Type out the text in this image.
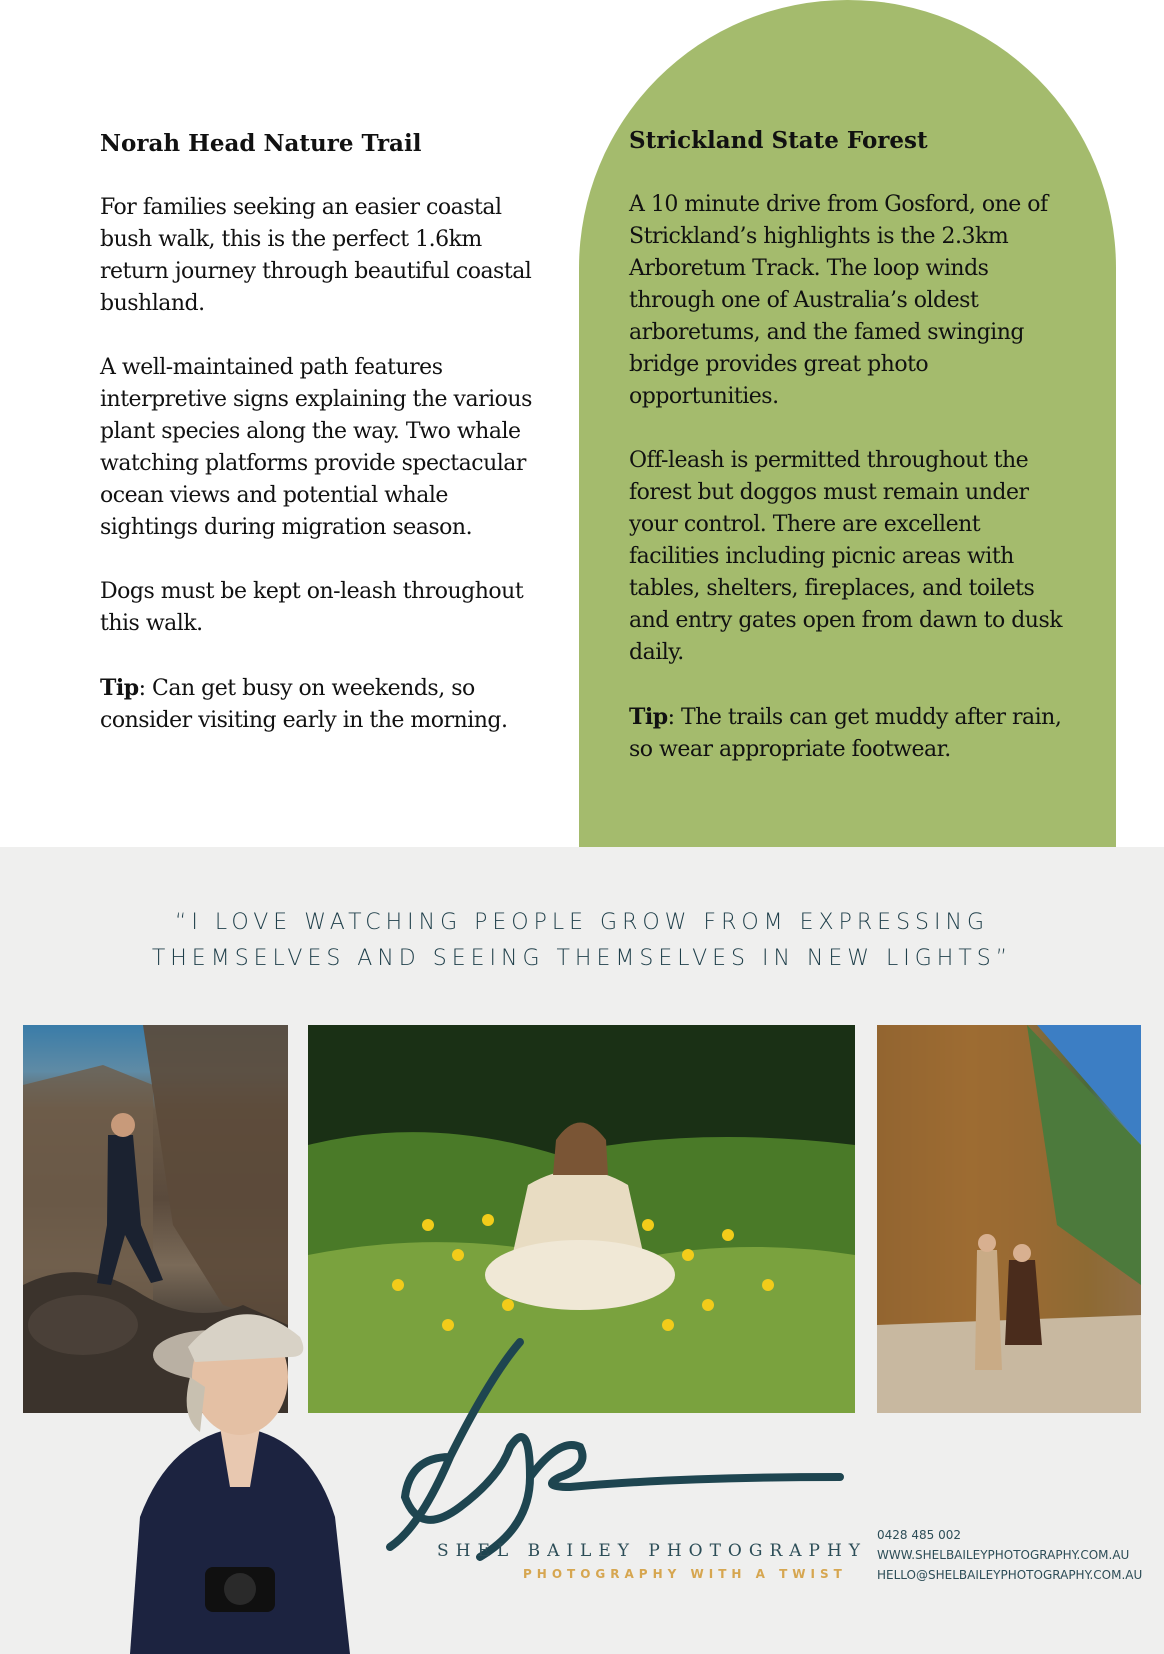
Norah Head Nature Trail

For families seeking an easier coastal bush walk, this is the perfect 1.6km return journey through beautiful coastal bushland.

A well-maintained path features interpretive signs explaining the various plant species along the way. Two whale watching platforms provide spectacular ocean views and potential whale sightings during migration season.

Dogs must be kept on-leash throughout this walk.

Tip: Can get busy on weekends, so consider visiting early in the morning.

Strickland State Forest

A 10 minute drive from Gosford, one of Strickland’s highlights is the 2.3km Arboretum Track. The loop winds through one of Australia’s oldest arboretums, and the famed swinging bridge provides great photo opportunities.

Off-leash is permitted throughout the forest but doggos must remain under your control. There are excellent facilities including picnic areas with tables, shelters, fireplaces, and toilets and entry gates open from dawn to dusk daily.

Tip: The trails can get muddy after rain, so wear appropriate footwear.

“I LOVE WATCHING PEOPLE GROW FROM EXPRESSING
THEMSELVES AND SEEING THEMSELVES IN NEW LIGHTS”
SHEL BAILEY PHOTOGRAPHY
PHOTOGRAPHY WITH A TWIST
0428 485 002
WWW.SHELBAILEYPHOTOGRAPHY.COM.AU
HELLO@SHELBAILEYPHOTOGRAPHY.COM.AU
